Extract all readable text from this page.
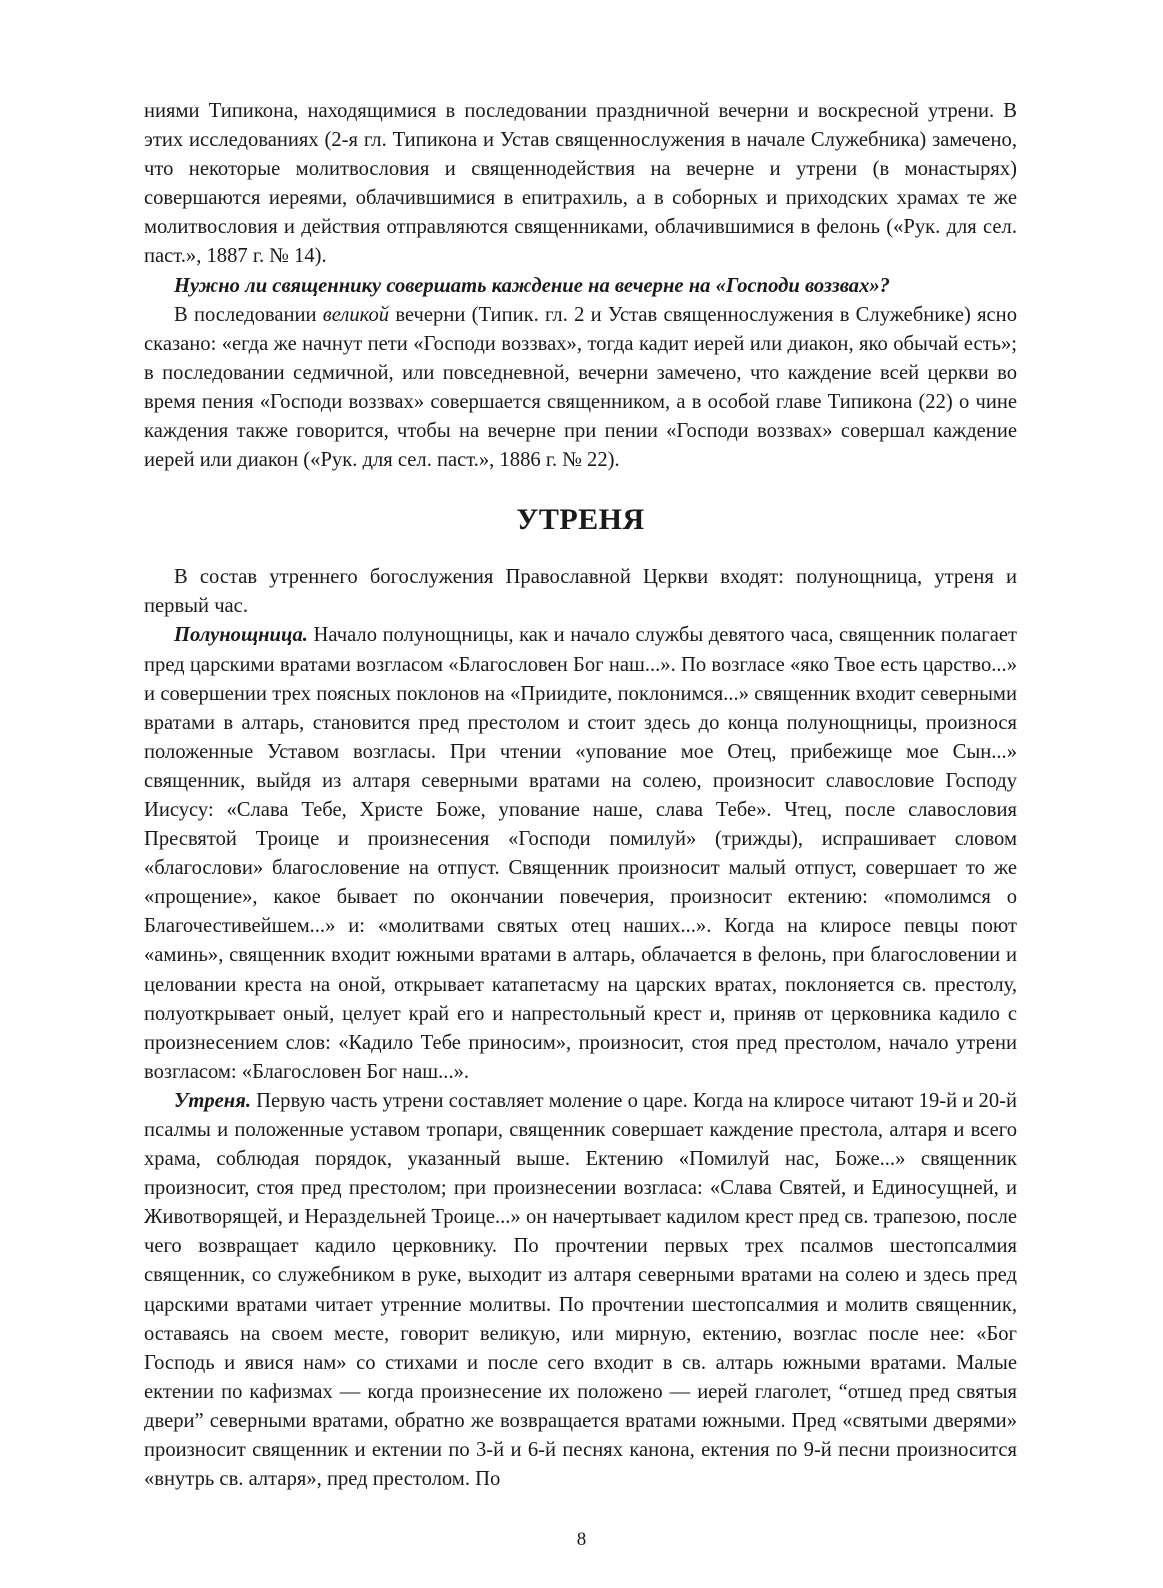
ниями Типикона, находящимися в последовании праздничной вечерни и воскресной утрени. В этих исследованиях (2-я гл. Типикона и Устав священнослужения в начале Служебника) замечено, что некоторые молитвословия и священнодействия на вечерне и утрени (в монастырях) совершаются иереями, облачившимися в епитрахиль, а в соборных и приходских храмах те же молитвословия и действия отправляются священниками, облачившимися в фелонь («Рук. для сел. паст.», 1887 г. № 14).

Нужно ли священнику совершать каждение на вечерне на «Господи воззвах»?

В последовании великой вечерни (Типик. гл. 2 и Устав священнослужения в Служебнике) ясно сказано: «егда же начнут пети «Господи воззвах», тогда кадит иерей или диакон, яко обычай есть»; в последовании седмичной, или повседневной, вечерни замечено, что каждение всей церкви во время пения «Господи воззвах» совершается священником, а в особой главе Типикона (22) о чине каждения также говорится, чтобы на вечерне при пении «Господи воззвах» совершал каждение иерей или диакон («Рук. для сел. паст.», 1886 г. № 22).

УТРЕНЯ

В состав утреннего богослужения Православной Церкви входят: полунощница, утреня и первый час.

Полунощница. Начало полунощницы, как и начало службы девятого часа, священник полагает пред царскими вратами возгласом «Благословен Бог наш...». По возгласе «яко Твое есть царство...» и совершении трех поясных поклонов на «Приидите, поклонимся...» священник входит северными вратами в алтарь, становится пред престолом и стоит здесь до конца полунощницы, произнося положенные Уставом возгласы. При чтении «упование мое Отец, прибежище мое Сын...» священник, выйдя из алтаря северными вратами на солею, произносит славословие Господу Иисусу: «Слава Тебе, Христе Боже, упование наше, слава Тебе». Чтец, после славословия Пресвятой Троице и произнесения «Господи помилуй» (трижды), испрашивает словом «благослови» благословение на отпуст. Священник произносит малый отпуст, совершает то же «прощение», какое бывает по окончании повечерия, произносит ектению: «помолимся о Благочестивейшем...» и: «молитвами святых отец наших...». Когда на клиросе певцы поют «аминь», священник входит южными вратами в алтарь, облачается в фелонь, при благословении и целовании креста на оной, открывает катапетасму на царских вратах, поклоняется св. престолу, полуоткрывает оный, целует край его и напрестольный крест и, приняв от церковника кадило с произнесением слов: «Кадило Тебе приносим», произносит, стоя пред престолом, начало утрени возгласом: «Благословен Бог наш...».

Утреня. Первую часть утрени составляет моление о царе. Когда на клиросе читают 19-й и 20-й псалмы и положенные уставом тропари, священник совершает каждение престола, алтаря и всего храма, соблюдая порядок, указанный выше. Ектению «Помилуй нас, Боже...» священник произносит, стоя пред престолом; при произнесении возгласа: «Слава Святей, и Единосущней, и Животворящей, и Нераздельней Троице...» он начертывает кадилом крест пред св. трапезою, после чего возвращает кадило церковнику. По прочтении первых трех псалмов шестопсалмия священник, со служебником в руке, выходит из алтаря северными вратами на солею и здесь пред царскими вратами читает утренние молитвы. По прочтении шестопсалмия и молитв священник, оставаясь на своем месте, говорит великую, или мирную, ектению, возглас после нее: «Бог Господь и явися нам» со стихами и после сего входит в св. алтарь южными вратами. Малые ектении по кафизмах — когда произнесение их положено — иерей глаголет, “отшед пред святыя двери” северными вратами, обратно же возвращается вратами южными. Пред «святыми дверями» произносит священник и ектении по 3-й и 6-й песнях канона, ектения по 9-й песни произносится «внутрь св. алтаря», пред престолом. По

8
